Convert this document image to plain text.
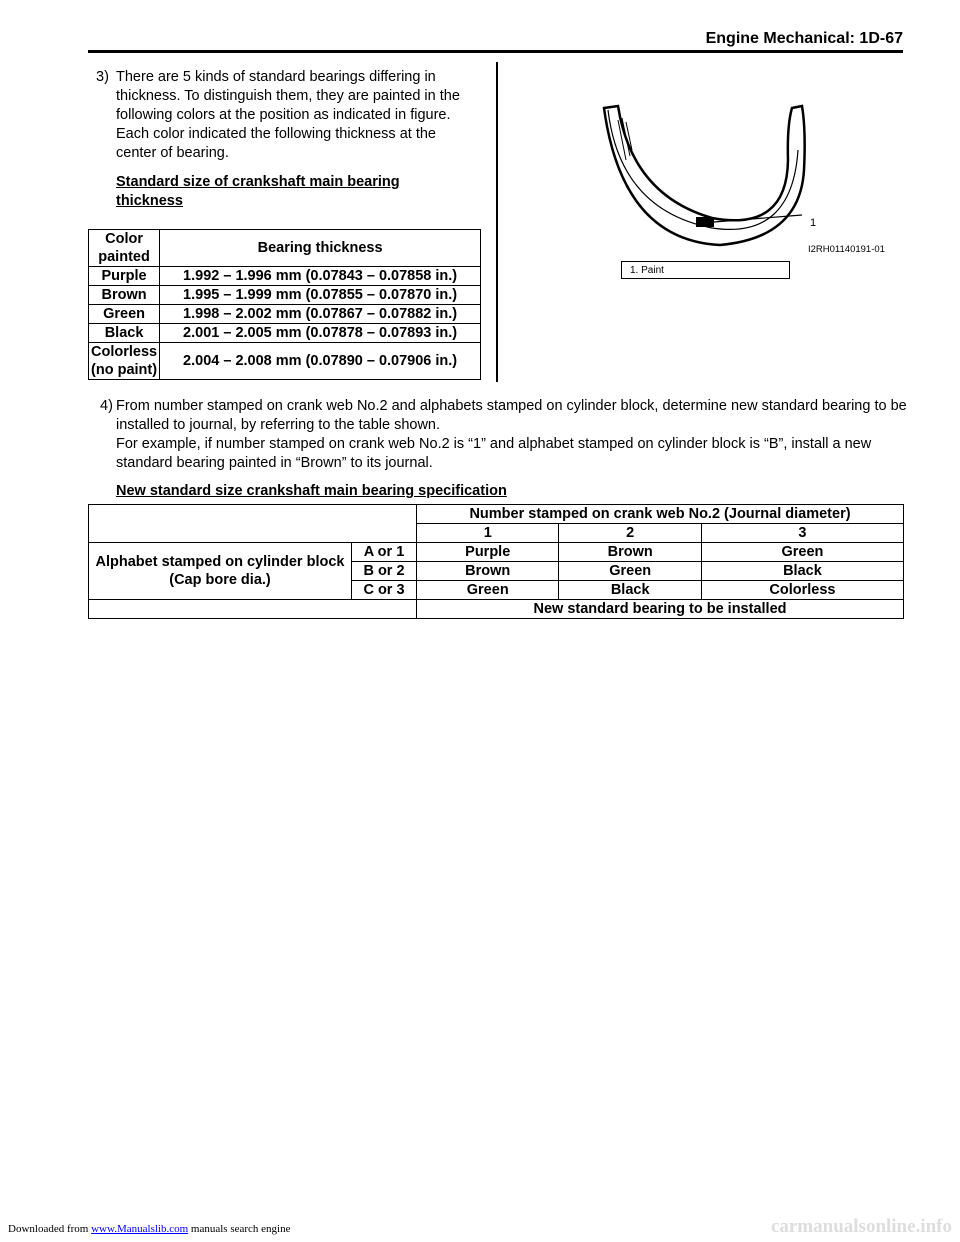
Engine Mechanical: 1D-67
3) There are 5 kinds of standard bearings differing in thickness. To distinguish them, they are painted in the following colors at the position as indicated in figure.
Each color indicated the following thickness at the center of bearing.
Standard size of crankshaft main bearing thickness
Color painted	Bearing thickness
Purple	1.992 – 1.996 mm (0.07843 – 0.07858 in.)
Brown	1.995 – 1.999 mm (0.07855 – 0.07870 in.)
Green	1.998 – 2.002 mm (0.07867 – 0.07882 in.)
Black	2.001 – 2.005 mm (0.07878 – 0.07893 in.)
Colorless (no paint)	2.004 – 2.008 mm (0.07890 – 0.07906 in.)
1
I2RH01140191-01
1. Paint
4) From number stamped on crank web No.2 and alphabets stamped on cylinder block, determine new standard bearing to be installed to journal, by referring to the table shown.
For example, if number stamped on crank web No.2 is “1” and alphabet stamped on cylinder block is “B”, install a new standard bearing painted in “Brown” to its journal.
New standard size crankshaft main bearing specification
		Number stamped on crank web No.2 (Journal diameter)		
		1	2	3
Alphabet stamped on cylinder block (Cap bore dia.)	A or 1	Purple	Brown	Green
	B or 2	Brown	Green	Black
	C or 3	Green	Black	Colorless
		New standard bearing to be installed		
Downloaded from www.Manualslib.com manuals search engine	carmanualsonline.info
